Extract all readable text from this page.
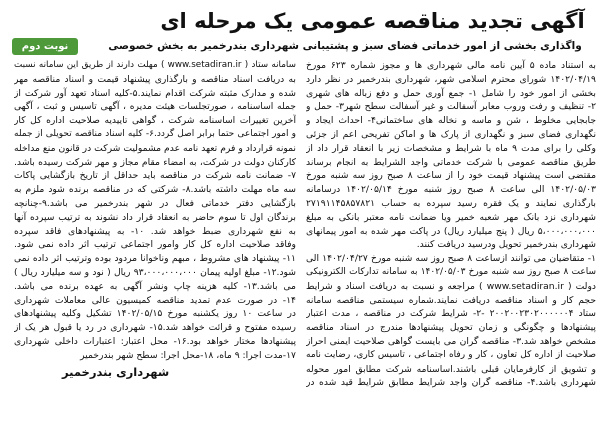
آگهی تجدید مناقصه عمومی یک مرحله ای
واگذاری بخشی از امور خدماتی فضای سبز و پشتیبانی شهرداری بندرخمیر به بخش خصوصی
نوبت دوم
به استناد ماده ۵ آیین نامه مالی شهرداری ها و مجوز شماره ۶۲۳ مورخ
۱۴۰۲/۰۴/۱۹ شورای محترم اسلامی شهر، شهرداری بندرخمیر در نظر دارد
بخشی از امور خود را شامل ۱- جمع آوری حمل و دفع زباله های شهری
۲- تنظیف و رفت وروب معابر آسفالت و غیر آسفالت سطح شهر۳- حمل و
جابجایی مخلوط ، شن و ماسه و نخاله های ساختمانی۴- احداث ایجاد و
نگهداری فضای سبز و نگهداری از پارک ها و اماکن تفریحی اعم از جزئی
وکلی را برای مدت ۹ ماه با شرایط و مشخصات زیر با انعقاد قرار داد از
طریق مناقصه عمومی با شرکت خدماتی واجد الشرایط به انجام برساند
مقتضی است پیشنهاد قیمت خود را از ساعت ۸ صبح روز سه شنبه مورخ
۱۴۰۲/۰۵/۰۳ الی ساعت ۸ صبح روز شنبه مورخ ۱۴۰۲/۰۵/۱۴ درسامانه
بارگذاری نمایند و یک فقره رسید سپرده به حساب ۲۷۱۹۱۱۴۵۸۵۷۸۲۱
شهرداری نزد بانک مهر شعبه خمیر ویا ضمانت نامه معتبر بانکی به مبلغ
۵،۰۰۰،۰۰۰،۰۰۰ ریال ( پنج میلیارد ریال) در پاکت مهر شده به امور پیمانهای
شهرداری بندرخمیر تحویل ودرسید دریافت کنند.
۱- متقاضیان می توانند ازساعت ۸ صبح روز سه شنبه مورخ ۱۴۰۲/۰۴/۲۷ الی
ساعت ۸ صبح روز سه شنبه مورخ ۱۴۰۲/۰۵/۰۳ به سامانه تدارکات الکترونیکی
دولت ( www.setadiran.ir ) مراجعه و نسبت به دریافت اسناد و شرایط
حجم کار و اسناد مناقصه دریافت نمایند.شماره سیستمی مناقصه سامانه
ستاد ۲۰۰۲۰۰۲۳۰۲۰۰۰۰۰۰۴ -۲- شرایط شرکت در مناقصه ، مدت اعتبار
پیشنهادها و چگونگی و زمان تحویل پیشنهادها مندرج در اسناد مناقصه
مشخص خواهد شد.۳- مناقصه گران می بایست گواهی صلاحیت ایمنی احراز
صلاحیت از اداره کل تعاون ، کار و رفاه اجتماعی ، تاسیس کاری، رضایت نامه
و تشویق از کارفرمایان قبلی باشند.اساسنامه شرکت مطابق امور محوله
شهرداری باشد.۴- مناقصه گران واجد شرایط مطابق شرایط قید شده در
سامانه ستاد ( www.setadiran.ir ) مهلت دارند از طریق این سامانه نسبت
به دریافت اسناد مناقصه و بارگذاری پیشنهاد قیمت و اسناد مناقصه مهر
شده و مدارک مثبته شرکت اقدام نمایند.۵-کلیه اسناد تعهد آور شرکت از
جمله اساسنامه ، صورتجلسات هیئت مدیره ، آگهی تاسیس و ثبت ، آگهی
آخرین تغییرات اساسنامه شرکت ، گواهی تاییدیه صلاحیت اداره کل کار
و امور اجتماعی حتما برابر اصل گردد.۶- کلیه اسناد مناقصه تحویلی از جمله
نمونه قرارداد و فرم تعهد نامه عدم مشمولیت شرکت در قانون منع مداخله
کارکنان دولت در شرکت، به امضاء مقام مجاز و مهر شرکت رسیده باشد.
۷- ضمانت نامه شرکت در مناقصه باید حداقل از تاریخ بازگشایی پاکات
سه ماه مهلت داشته باشد.۸- شرکتی که در مناقصه برنده شود ملزم به
بازگشایی دفتر خدماتی فعال در شهر بندرخمیر می باشد.۹-چنانچه
برندگان اول تا سوم حاضر به انعقاد قرار داد نشوند به ترتیب سپرده آنها
به نفع شهرداری ضبط خواهد شد. ۱۰- به پیشنهادهای فاقد سپرده
وفاقد صلاحیت اداره کل کار وامور اجتماعی ترتیب اثر داده نمی شود.
۱۱- پیشنهاد های مشروط ، مبهم وناخوانا مردود بوده وترتیب اثر داده نمی
شود.۱۲- مبلغ اولیه پیمان ۹۳،۰۰۰،۰۰۰،۰۰۰ ریال ( نود و سه میلیارد ریال )
می باشد.۱۳- کلیه هزینه چاپ ونشر آگهی به عهده برنده می باشد.
۱۴- در صورت عدم تمدید مناقصه کمیسیون عالی معاملات شهرداری
در ساعت ۱۰ روز یکشنبه مورخ ۱۴۰۲/۰۵/۱۵ تشکیل وکلیه پیشنهادهای
رسیده مفتوح و قرائت خواهد شد.۱۵- شهرداری در رد یا قبول هر یک از
پیشنهادها مختار خواهد بود.۱۶- محل اعتبار: اعتبارات داخلی شهرداری
۱۷-مدت اجرا: ۹ ماه، ۱۸-محل اجرا: سطح شهر بندرخمیر
شهرداری بندرخمیر
